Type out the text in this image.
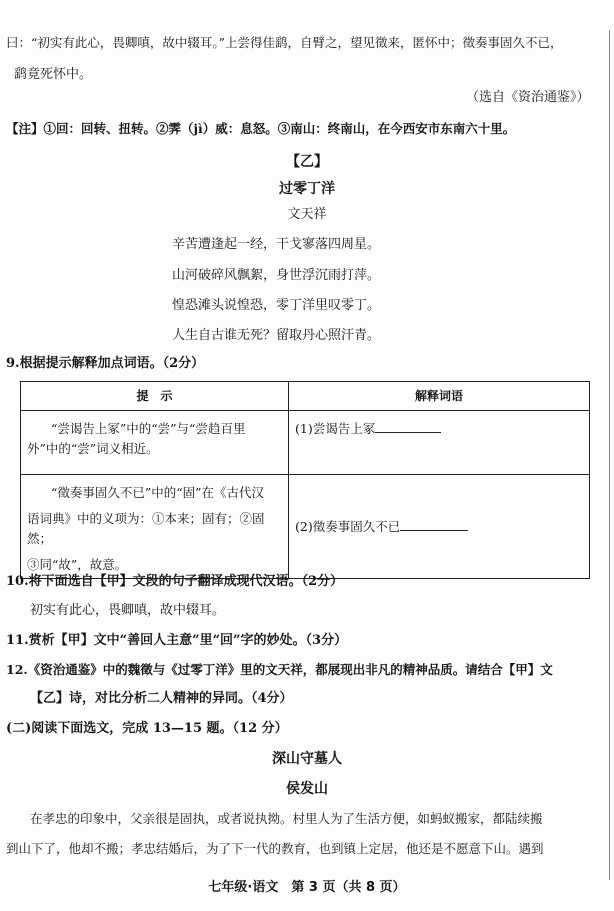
曰：“初实有此心，畏卿嗔，故中辍耳。”上尝得佳鹞，自臂之，望见徵来，匿怀中；徵奏事固久不已，
鹞竟死怀中。
（选自《资治通鉴》）
【注】①回：回转、扭转。②霁（jì）威：息怒。③南山：终南山，在今西安市东南六十里。
【乙】
过零丁洋
文天祥
辛苦遭逢起一经，干戈寥落四周星。
山河破碎风飘絮，身世浮沉雨打萍。
惶恐滩头说惶恐，零丁洋里叹零丁。
人生自古谁无死？留取丹心照汗青。
9.根据提示解释加点词语。（2分）
提　示	解释词语

“尝谒告上冢”中的“尝”与“尝趋百里
外”中的“尝”词义相近。	(1)尝谒告上冢

“徵奏事固久不已”中的“固”在《古代汉
语词典》中的义项为：①本来；固有；②固然；
③同“故”，故意。	(2)徵奏事固久不已
10.将下面选自【甲】文段的句子翻译成现代汉语。（2分）
初实有此心，畏卿嗔，故中辍耳。
11.赏析【甲】文中“善回人主意”里“回”字的妙处。（3分）
12.《资治通鉴》中的魏徵与《过零丁洋》里的文天祥，都展现出非凡的精神品质。请结合【甲】文
【乙】诗，对比分析二人精神的异同。（4分）
(二)阅读下面选文，完成 13—15 题。（12 分）
深山守墓人
侯发山
在孝忠的印象中，父亲很是固执，或者说执拗。村里人为了生活方便，如蚂蚁搬家，都陆续搬
到山下了，他却不搬；孝忠结婚后，为了下一代的教育，也到镇上定居，他还是不愿意下山。遇到
七年级·语文　第 3 页（共 8 页）
